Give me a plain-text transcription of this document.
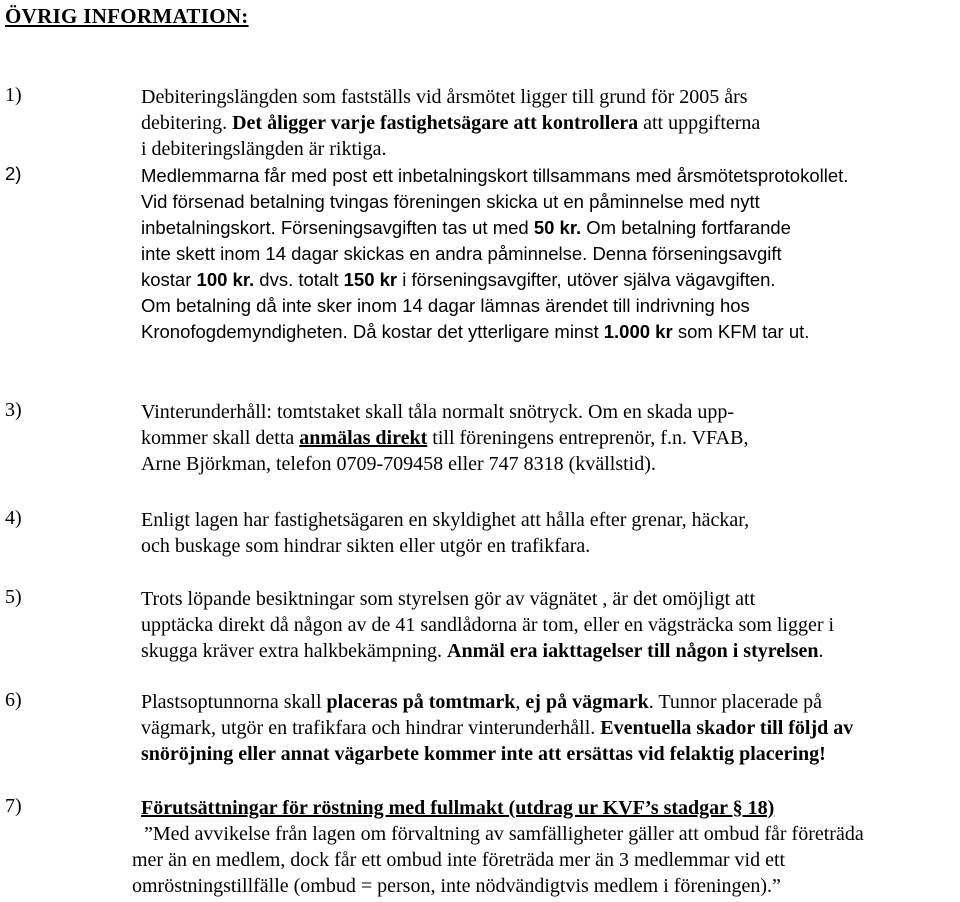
ÖVRIG INFORMATION:
1)	Debiteringslängden som fastställs vid årsmötet ligger till grund för 2005 års
debitering. Det åligger varje fastighetsägare att kontrollera att uppgifterna
i debiteringslängden är riktiga.
2)	Medlemmarna får med post ett inbetalningskort tillsammans med årsmötetsprotokollet.
Vid försenad betalning tvingas föreningen skicka ut en påminnelse med nytt
inbetalningskort. Förseningsavgiften tas ut med 50 kr. Om betalning fortfarande
inte skett inom 14 dagar skickas en andra påminnelse. Denna förseningsavgift
kostar 100 kr. dvs. totalt 150 kr i förseningsavgifter, utöver själva vägavgiften.
Om betalning då inte sker inom 14 dagar lämnas ärendet till indrivning hos
Kronofogdemyndigheten. Då kostar det ytterligare minst 1.000 kr som KFM tar ut.
3)	Vinterunderhåll: tomtstaket skall tåla normalt snötryck. Om en skada upp-
kommer skall detta anmälas direkt till föreningens entreprenör, f.n. VFAB,
Arne Björkman, telefon 0709-709458 eller 747 8318 (kvällstid).
4)	Enligt lagen har fastighetsägaren en skyldighet att hålla efter grenar, häckar,
och buskage som hindrar sikten eller utgör en trafikfara.
5)	Trots löpande besiktningar som styrelsen gör av vägnätet , är det omöjligt att
upptäcka direkt då någon av de 41 sandlådorna är tom, eller en vägsträcka som ligger i
skugga kräver extra halkbekämpning. Anmäl era iakttagelser till någon i styrelsen.
6)	Plastsoptunnorna skall placeras på tomtmark, ej på vägmark. Tunnor placerade på
vägmark, utgör en trafikfara och hindrar vinterunderhåll. Eventuella skador till följd av
snöröjning eller annat vägarbete kommer inte att ersättas vid felaktig placering!
7)	Förutsättningar för röstning med fullmakt (utdrag ur KVF’s stadgar § 18)
”Med avvikelse från lagen om förvaltning av samfälligheter gäller att ombud får företräda
mer än en medlem, dock får ett ombud inte företräda mer än 3 medlemmar vid ett
omröstningstillfälle (ombud = person, inte nödvändigtvis medlem i föreningen).”
